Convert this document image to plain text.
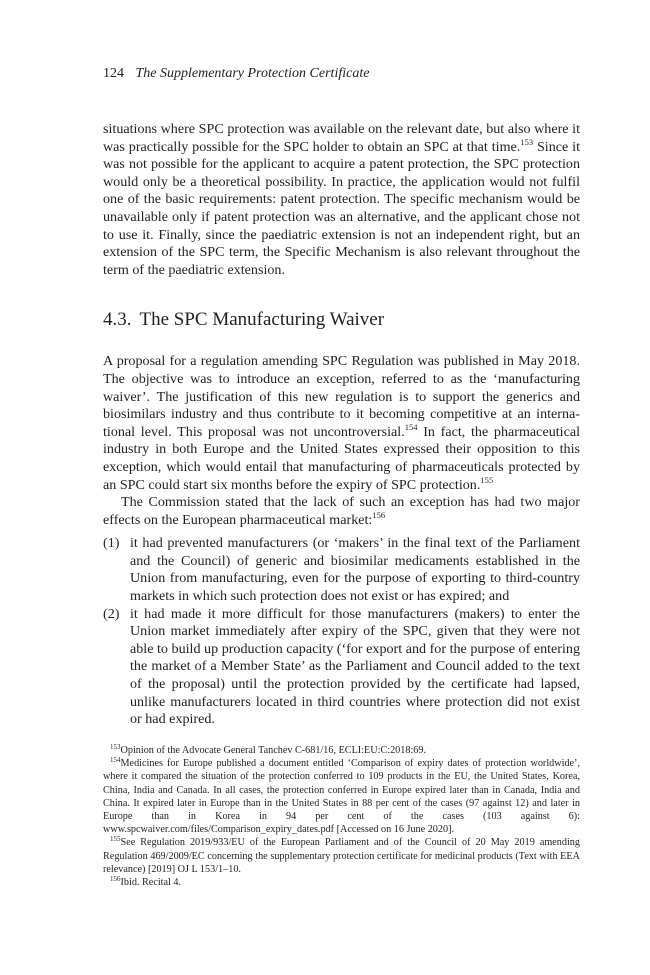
124 The Supplementary Protection Certificate

situations where SPC protection was available on the relevant date, but also where it was practically possible for the SPC holder to obtain an SPC at that time.$^{153}$ Since it was not possible for the applicant to acquire a patent protection, the SPC protection would only be a theoretical possibility. In practice, the application would not fulfil one of the basic requirements: patent protection. The specific mechanism would be unavailable only if patent protection was an alternative, and the applicant chose not to use it. Finally, since the paediatric extension is not an independent right, but an extension of the SPC term, the Specific Mechanism is also relevant throughout the term of the paediatric extension.

4.3. The SPC Manufacturing Waiver

A proposal for a regulation amending SPC Regulation was published in May 2018. The objective was to introduce an exception, referred to as the ‘manufacturing waiver’. The justification of this new regulation is to support the generics and biosimilars industry and thus contribute to it becoming competitive at an international level. This proposal was not uncontroversial.$^{154}$ In fact, the pharmaceutical industry in both Europe and the United States expressed their opposition to this exception, which would entail that manufacturing of pharmaceuticals protected by an SPC could start six months before the expiry of SPC protection.$^{155}$

The Commission stated that the lack of such an exception has had two major effects on the European pharmaceutical market:$^{156}$

(1) it had prevented manufacturers (or ‘makers’ in the final text of the Parliament and the Council) of generic and biosimilar medicaments established in the Union from manufacturing, even for the purpose of exporting to third-country markets in which such protection does not exist or has expired; and
(2) it had made it more difficult for those manufacturers (makers) to enter the Union market immediately after expiry of the SPC, given that they were not able to build up production capacity (‘for export and for the purpose of entering the market of a Member State’ as the Parliament and Council added to the text of the proposal) until the protection provided by the certificate had lapsed, unlike manufacturers located in third countries where protection did not exist or had expired.

$^{153}$Opinion of the Advocate General Tanchev C-681/16, ECLI:EU:C:2018:69.

$^{154}$Medicines for Europe published a document entitled ‘Comparison of expiry dates of protection worldwide’, where it compared the situation of the protection conferred to 109 products in the EU, the United States, Korea, China, India and Canada. In all cases, the protection conferred in Europe expired later than in Canada, India and China. It expired later in Europe than in the United States in 88 per cent of the cases (97 against 12) and later in Europe than in Korea in 94 per cent of the cases (103 against 6): www.spcwaiver.com/files/Comparison_expiry_dates.pdf [Accessed on 16 June 2020].

$^{155}$See Regulation 2019/933/EU of the European Parliament and of the Council of 20 May 2019 amending Regulation 469/2009/EC concerning the supplementary protection certificate for medicinal products (Text with EEA relevance) [2019] OJ L 153/1–10.

$^{156}$Ibid. Recital 4.
